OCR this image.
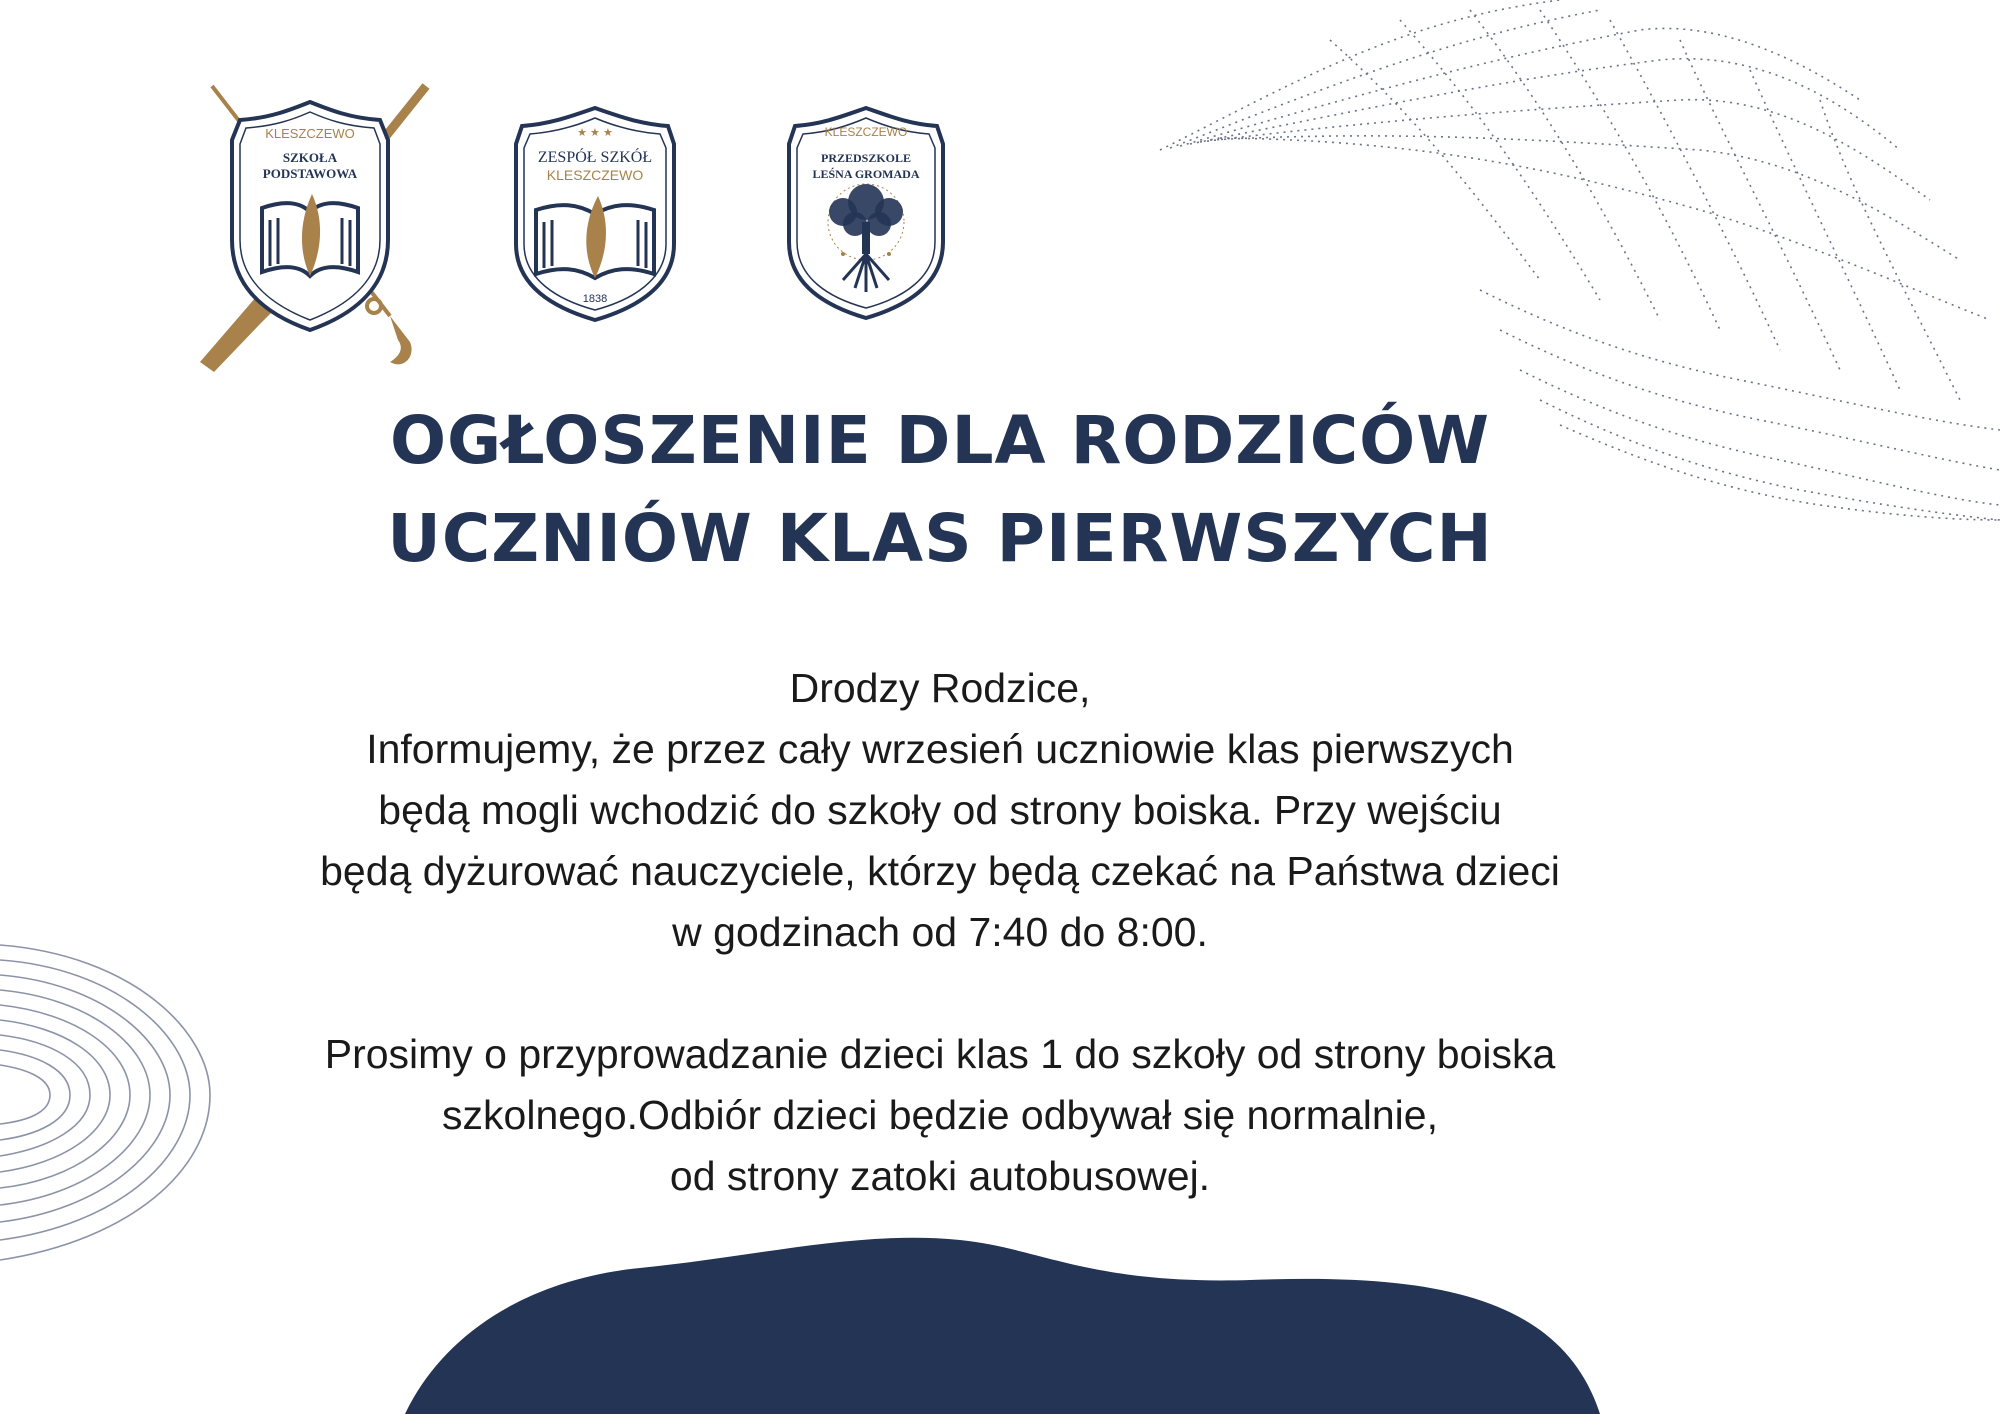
KLESZCZEWO
SZKOŁA
PODSTAWOWA
★ ★ ★
ZESPÓŁ SZKÓŁ
KLESZCZEWO
1838
KLESZCZEWO
PRZEDSZKOLE
LEŚNA GROMADA
OGŁOSZENIE DLA RODZICÓW
UCZNIÓW KLAS PIERWSZYCH
Drodzy Rodzice,
Informujemy, że przez cały wrzesień uczniowie klas pierwszych
będą mogli wchodzić do szkoły od strony boiska. Przy wejściu
będą dyżurować nauczyciele, którzy będą czekać na Państwa dzieci
w godzinach od 7:40 do 8:00.
Prosimy o przyprowadzanie dzieci klas 1 do szkoły od strony boiska
szkolnego.Odbiór dzieci będzie odbywał się normalnie,
od strony zatoki autobusowej.
